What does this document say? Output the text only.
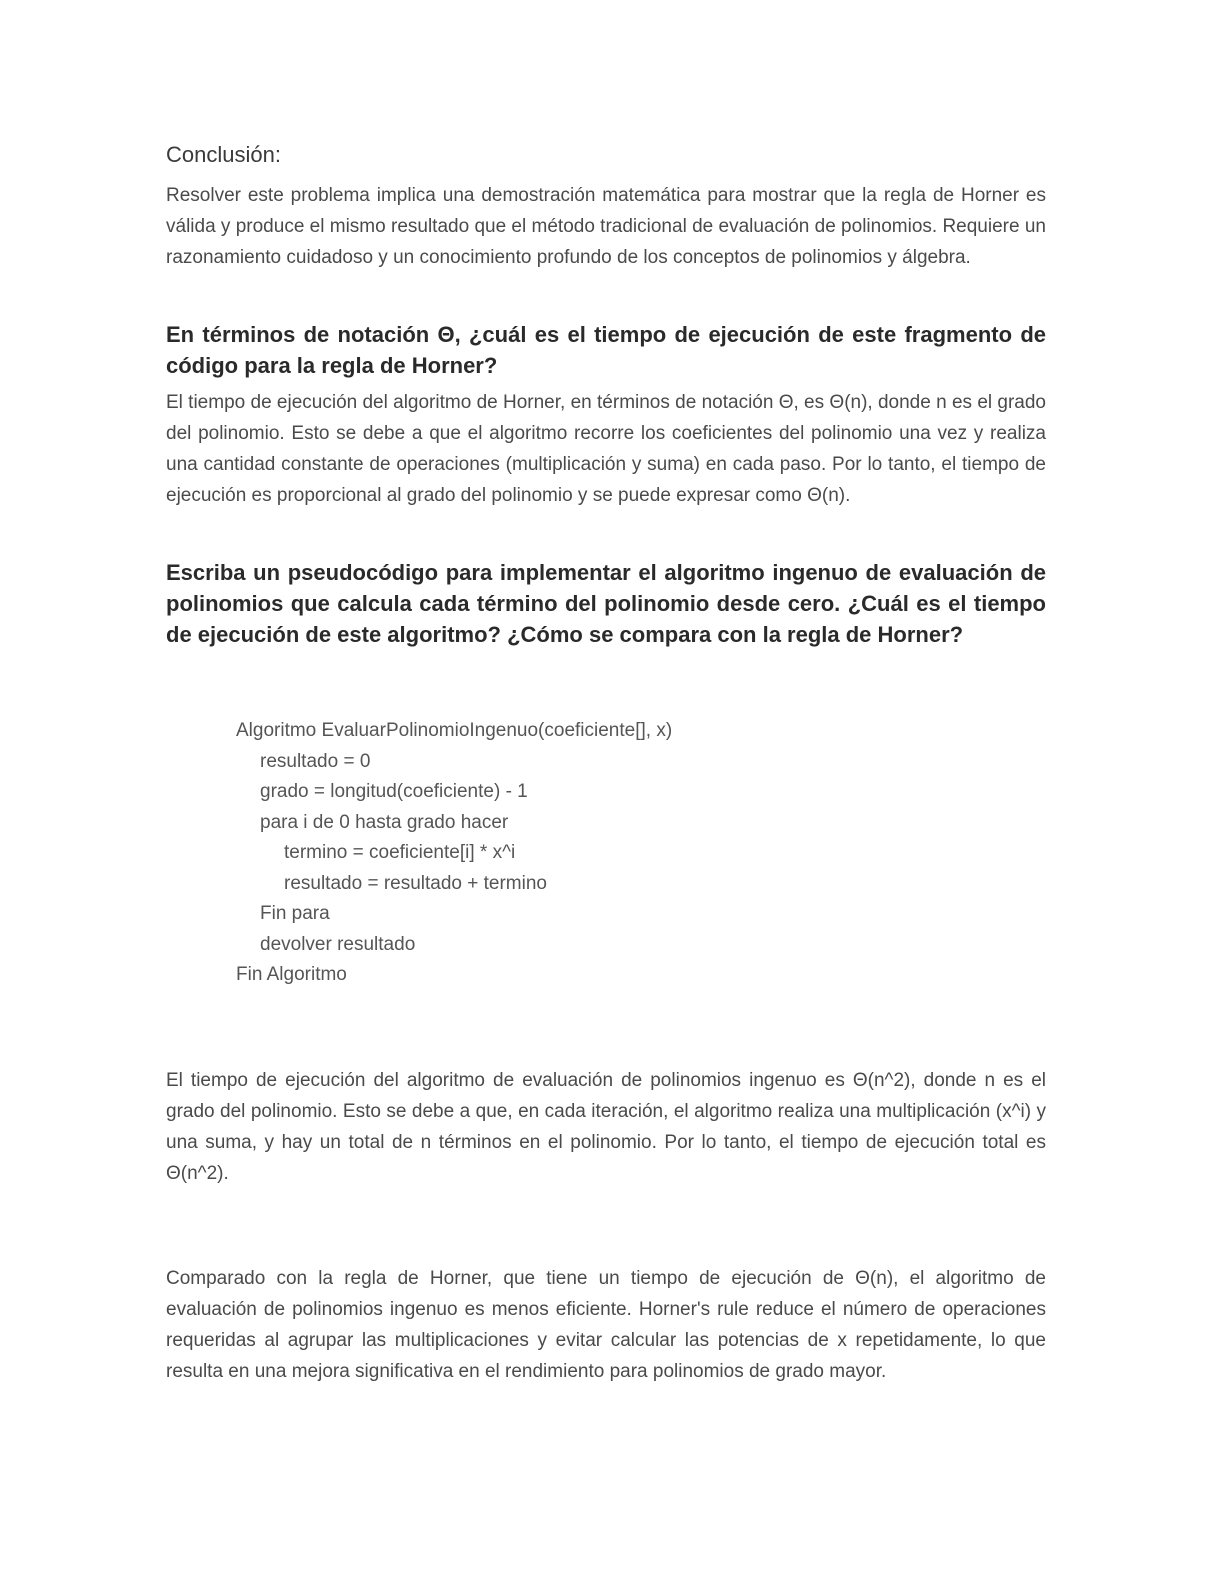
Conclusión:

Resolver este problema implica una demostración matemática para mostrar que la regla de Horner es válida y produce el mismo resultado que el método tradicional de evaluación de polinomios. Requiere un razonamiento cuidadoso y un conocimiento profundo de los conceptos de polinomios y álgebra.

En términos de notación Θ, ¿cuál es el tiempo de ejecución de este fragmento de código para la regla de Horner?

El tiempo de ejecución del algoritmo de Horner, en términos de notación Θ, es Θ(n), donde n es el grado del polinomio. Esto se debe a que el algoritmo recorre los coeficientes del polinomio una vez y realiza una cantidad constante de operaciones (multiplicación y suma) en cada paso. Por lo tanto, el tiempo de ejecución es proporcional al grado del polinomio y se puede expresar como Θ(n).

Escriba un pseudocódigo para implementar el algoritmo ingenuo de evaluación de polinomios que calcula cada término del polinomio desde cero. ¿Cuál es el tiempo de ejecución de este algoritmo? ¿Cómo se compara con la regla de Horner?

Algoritmo EvaluarPolinomioIngenuo(coeficiente[], x)
resultado = 0
grado = longitud(coeficiente) - 1
para i de 0 hasta grado hacer
termino = coeficiente[i] * x^i
resultado = resultado + termino
Fin para
devolver resultado
Fin Algoritmo

El tiempo de ejecución del algoritmo de evaluación de polinomios ingenuo es Θ(n^2), donde n es el grado del polinomio. Esto se debe a que, en cada iteración, el algoritmo realiza una multiplicación (x^i) y una suma, y hay un total de n términos en el polinomio. Por lo tanto, el tiempo de ejecución total es Θ(n^2).

Comparado con la regla de Horner, que tiene un tiempo de ejecución de Θ(n), el algoritmo de evaluación de polinomios ingenuo es menos eficiente. Horner's rule reduce el número de operaciones requeridas al agrupar las multiplicaciones y evitar calcular las potencias de x repetidamente, lo que resulta en una mejora significativa en el rendimiento para polinomios de grado mayor.
